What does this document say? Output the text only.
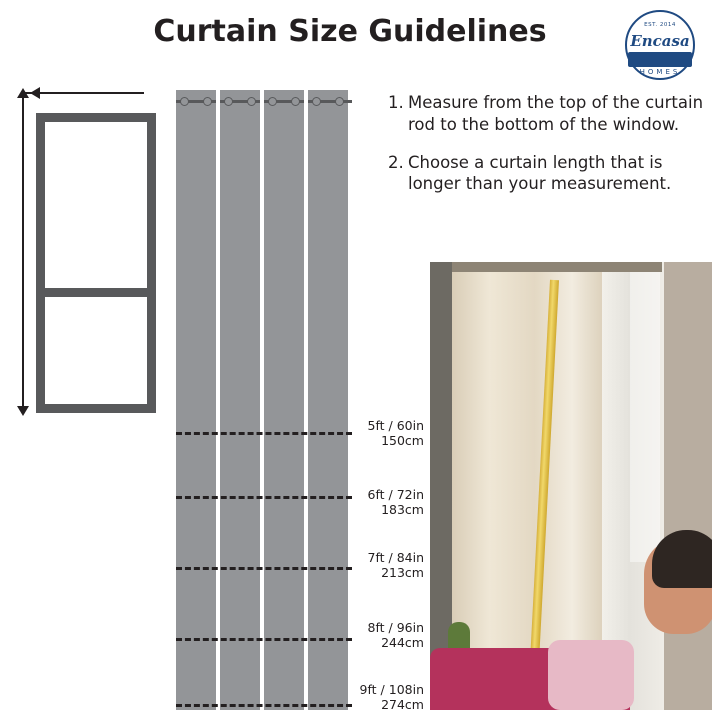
Curtain Size Guidelines	EST. 2014
Encasa
HOMES
1. Measure from the top of the curtain rod to the bottom of the window.
2. Choose a curtain length that is longer than your measurement.
5ft / 60in
150cm
6ft / 72in
183cm
7ft / 84in
213cm
8ft / 96in
244cm
9ft / 108in
274cm
